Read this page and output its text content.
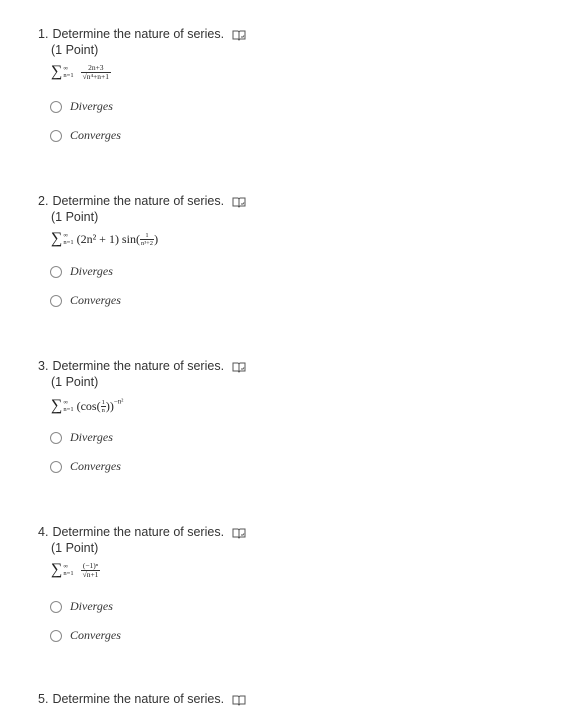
1. Determine the nature of series.
(1 Point)
∑ ∞
$n=1 \frac{2n+3}{\text{√n⁴+n+1}}$
Diverges
Converges
2. Determine the nature of series.
(1 Point)
∑ ∞
n=1 (2n² + 1) $\sin( \frac{1}{\text{n³+2}}$ )
Diverges
Converges
3. Determine the nature of series.
(1 Point)
∑ ∞
n=1 $(\cos( \frac{1}{n} ))^{-n^2}$
Diverges
Converges
4. Determine the nature of series.
(1 Point)
∑ ∞
$n=1 \frac{\text{(−1)ⁿ}}{√n+1}$
Diverges
Converges
5. Determine the nature of series.
